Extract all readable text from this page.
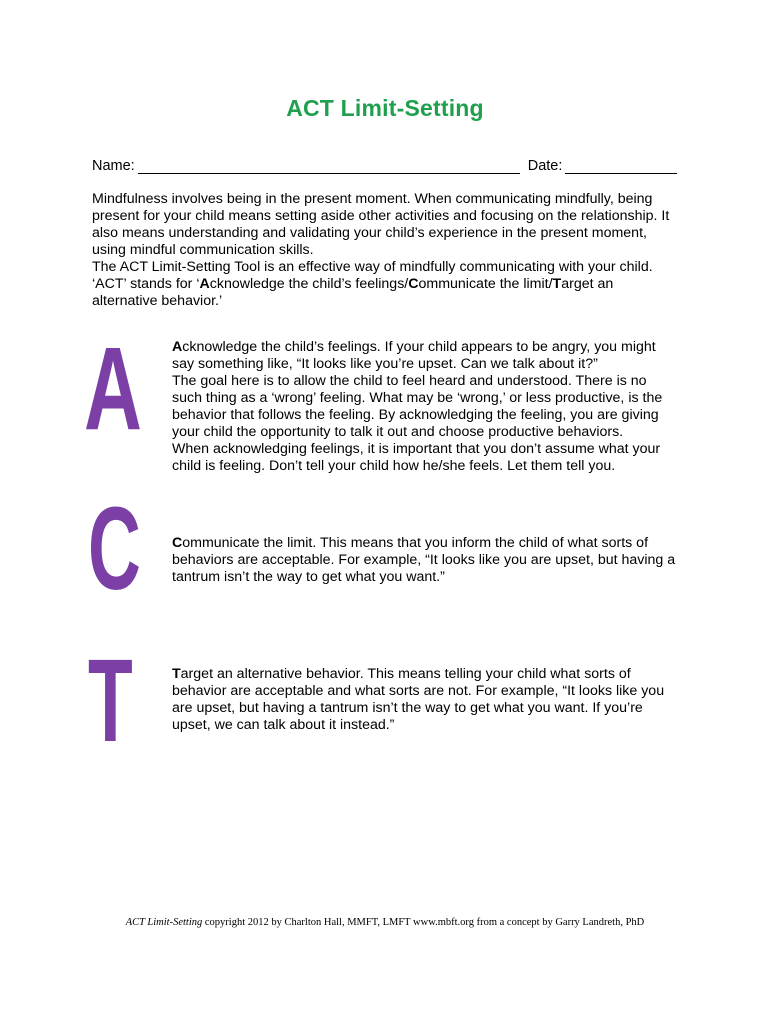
ACT Limit-Setting
Name:	Date:

Mindfulness involves being in the present moment. When communicating mindfully, being present for your child means setting aside other activities and focusing on the relationship. It also means understanding and validating your child’s experience in the present moment, using mindful communication skills.

The ACT Limit-Setting Tool is an effective way of mindfully communicating with your child. ‘ACT’ stands for ‘Acknowledge the child’s feelings/Communicate the limit/Target an alternative behavior.’

A Acknowledge the child’s feelings. If your child appears to be angry, you might say something like, “It looks like you’re upset. Can we talk about it?”

The goal here is to allow the child to feel heard and understood. There is no such thing as a ‘wrong’ feeling. What may be ‘wrong,’ or less productive, is the behavior that follows the feeling. By acknowledging the feeling, you are giving your child the opportunity to talk it out and choose productive behaviors.

When acknowledging feelings, it is important that you don’t assume what your child is feeling. Don’t tell your child how he/she feels. Let them tell you.

C Communicate the limit. This means that you inform the child of what sorts of behaviors are acceptable. For example, “It looks like you are upset, but having a tantrum isn’t the way to get what you want.”

T	Target an alternative behavior. This means telling your child what sorts of behavior are acceptable and what sorts are not. For example, “It looks like you are upset, but having a tantrum isn’t the way to get what you want. If you’re upset, we can talk about it instead.”

ACT Limit-Setting copyright 2012 by Charlton Hall, MMFT, LMFT www.mbft.org from a concept by Garry Landreth, PhD
